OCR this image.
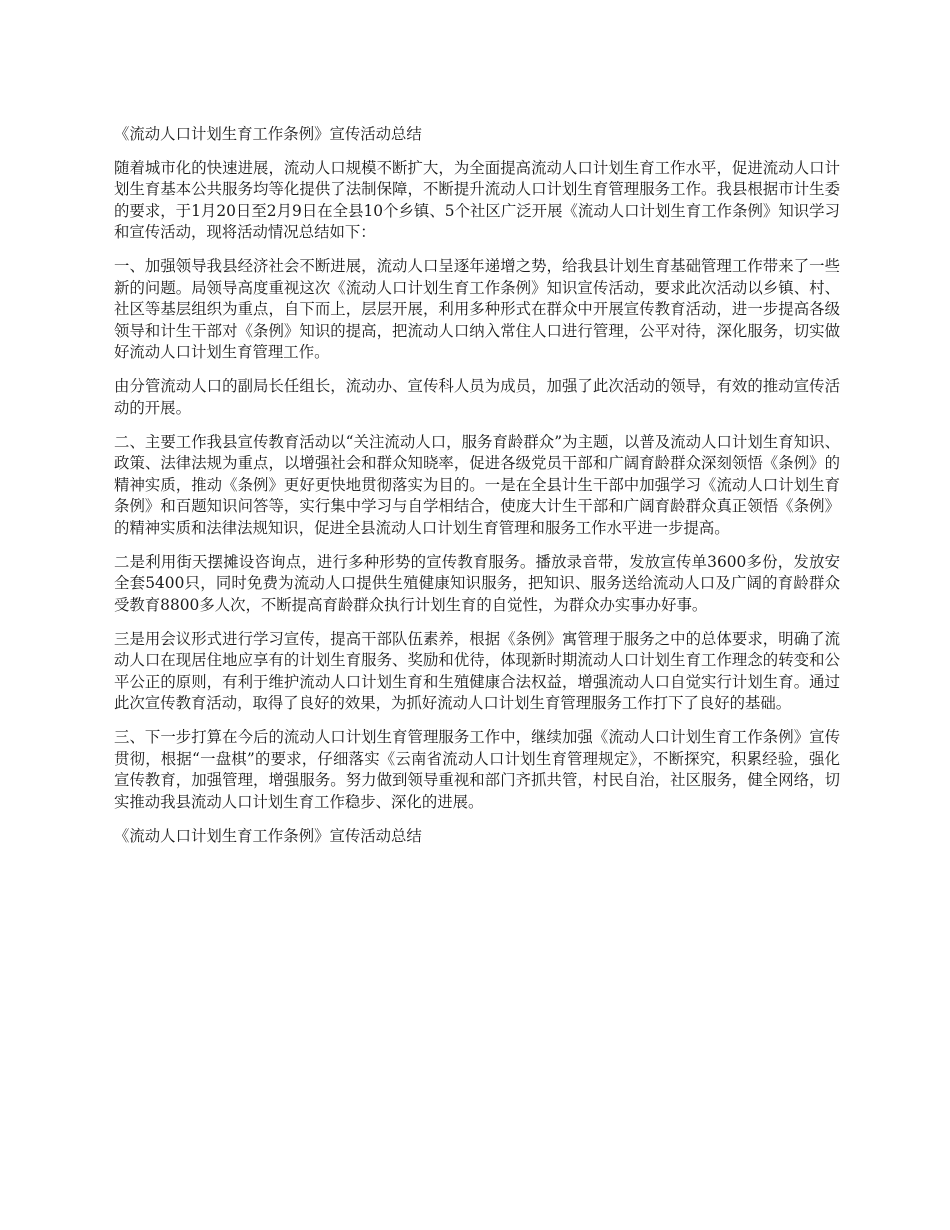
《流动人口计划生育工作条例》宣传活动总结

随着城市化的快速进展，流动人口规模不断扩大，为全面提高流动人口计划生育工作水平，促进流动人口计划生育基本公共服务均等化提供了法制保障，不断提升流动人口计划生育管理服务工作。我县根据市计生委的要求，于1月20日至2月9日在全县10个乡镇、5个社区广泛开展《流动人口计划生育工作条例》知识学习和宣传活动，现将活动情况总结如下：

一、加强领导我县经济社会不断进展，流动人口呈逐年递增之势，给我县计划生育基础管理工作带来了一些新的问题。局领导高度重视这次《流动人口计划生育工作条例》知识宣传活动，要求此次活动以乡镇、村、社区等基层组织为重点，自下而上，层层开展，利用多种形式在群众中开展宣传教育活动，进一步提高各级领导和计生干部对《条例》知识的提高，把流动人口纳入常住人口进行管理，公平对待，深化服务，切实做好流动人口计划生育管理工作。

由分管流动人口的副局长任组长，流动办、宣传科人员为成员，加强了此次活动的领导，有效的推动宣传活动的开展。

二、主要工作我县宣传教育活动以“关注流动人口，服务育龄群众”为主题，以普及流动人口计划生育知识、政策、法律法规为重点，以增强社会和群众知晓率，促进各级党员干部和广阔育龄群众深刻领悟《条例》的精神实质，推动《条例》更好更快地贯彻落实为目的。一是在全县计生干部中加强学习《流动人口计划生育条例》和百题知识问答等，实行集中学习与自学相结合，使庞大计生干部和广阔育龄群众真正领悟《条例》的精神实质和法律法规知识，促进全县流动人口计划生育管理和服务工作水平进一步提高。

二是利用街天摆摊设咨询点，进行多种形势的宣传教育服务。播放录音带，发放宣传单3600多份，发放安全套5400只，同时免费为流动人口提供生殖健康知识服务，把知识、服务送给流动人口及广阔的育龄群众受教育8800多人次，不断提高育龄群众执行计划生育的自觉性，为群众办实事办好事。

三是用会议形式进行学习宣传，提高干部队伍素养，根据《条例》寓管理于服务之中的总体要求，明确了流动人口在现居住地应享有的计划生育服务、奖励和优待，体现新时期流动人口计划生育工作理念的转变和公平公正的原则，有利于维护流动人口计划生育和生殖健康合法权益，增强流动人口自觉实行计划生育。通过此次宣传教育活动，取得了良好的效果，为抓好流动人口计划生育管理服务工作打下了良好的基础。

三、下一步打算在今后的流动人口计划生育管理服务工作中，继续加强《流动人口计划生育工作条例》宣传贯彻，根据“一盘棋”的要求，仔细落实《云南省流动人口计划生育管理规定》，不断探究，积累经验，强化宣传教育，加强管理，增强服务。努力做到领导重视和部门齐抓共管，村民自治，社区服务，健全网络，切实推动我县流动人口计划生育工作稳步、深化的进展。

《流动人口计划生育工作条例》宣传活动总结
